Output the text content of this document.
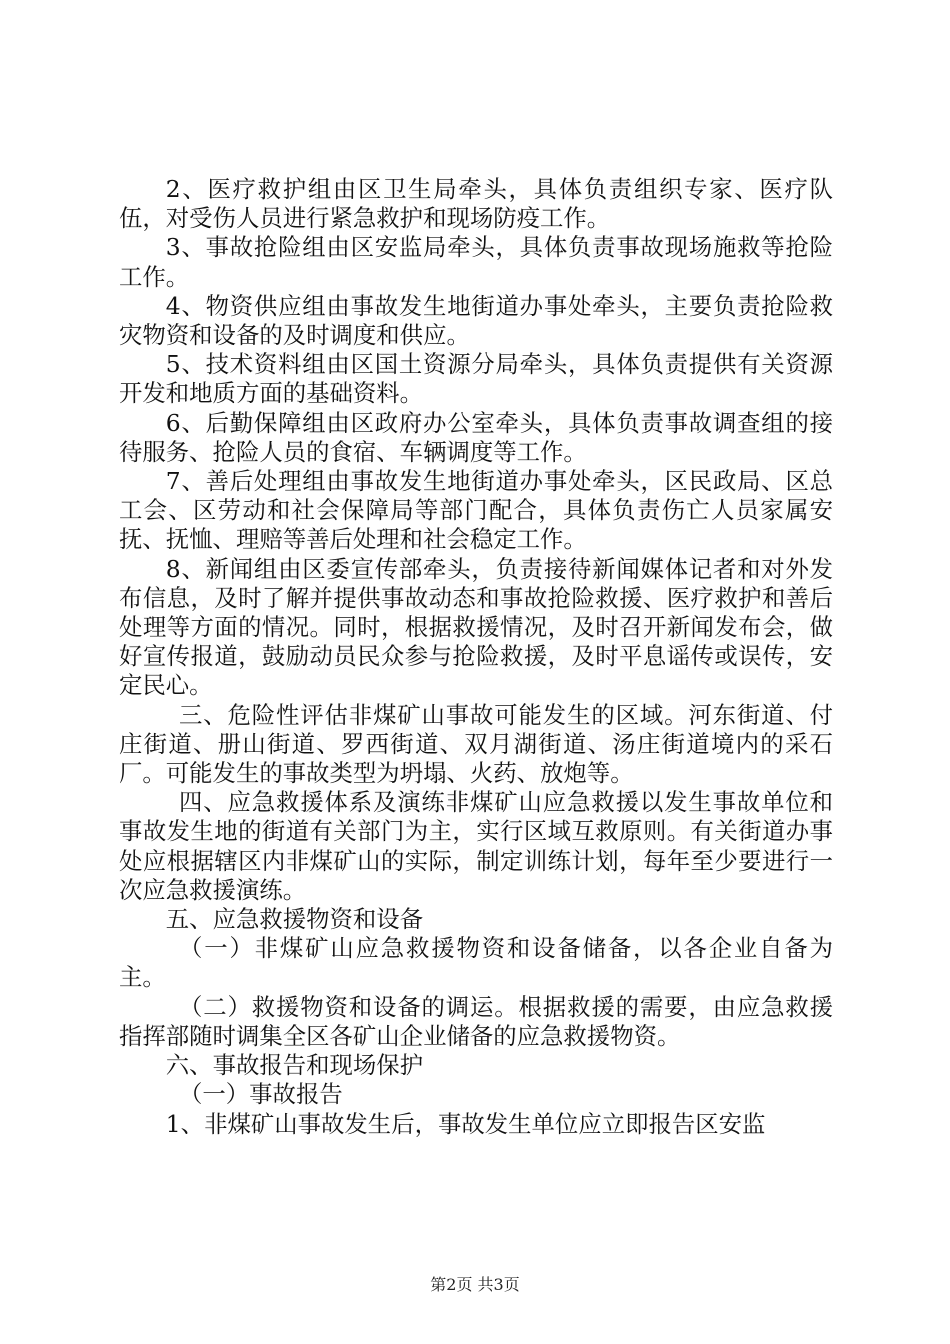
2、医疗救护组由区卫生局牵头，具体负责组织专家、医疗队伍，对受伤人员进行紧急救护和现场防疫工作。

3、事故抢险组由区安监局牵头，具体负责事故现场施救等抢险工作。

4、物资供应组由事故发生地街道办事处牵头，主要负责抢险救灾物资和设备的及时调度和供应。

5、技术资料组由区国土资源分局牵头，具体负责提供有关资源开发和地质方面的基础资料。

6、后勤保障组由区政府办公室牵头，具体负责事故调查组的接待服务、抢险人员的食宿、车辆调度等工作。

7、善后处理组由事故发生地街道办事处牵头，区民政局、区总工会、区劳动和社会保障局等部门配合，具体负责伤亡人员家属安抚、抚恤、理赔等善后处理和社会稳定工作。

8、新闻组由区委宣传部牵头，负责接待新闻媒体记者和对外发布信息，及时了解并提供事故动态和事故抢险救援、医疗救护和善后处理等方面的情况。同时，根据救援情况，及时召开新闻发布会，做好宣传报道，鼓励动员民众参与抢险救援，及时平息谣传或误传，安定民心。

三、危险性评估非煤矿山事故可能发生的区域。河东街道、付庄街道、册山街道、罗西街道、双月湖街道、汤庄街道境内的采石厂。可能发生的事故类型为坍塌、火药、放炮等。

四、应急救援体系及演练非煤矿山应急救援以发生事故单位和事故发生地的街道有关部门为主，实行区域互救原则。有关街道办事处应根据辖区内非煤矿山的实际，制定训练计划，每年至少要进行一次应急救援演练。

五、应急救援物资和设备

（一）非煤矿山应急救援物资和设备储备，以各企业自备为主。

（二）救援物资和设备的调运。根据救援的需要，由应急救援指挥部随时调集全区各矿山企业储备的应急救援物资。

六、事故报告和现场保护

（一）事故报告

1、非煤矿山事故发生后，事故发生单位应立即报告区安监

第2页 共3页
